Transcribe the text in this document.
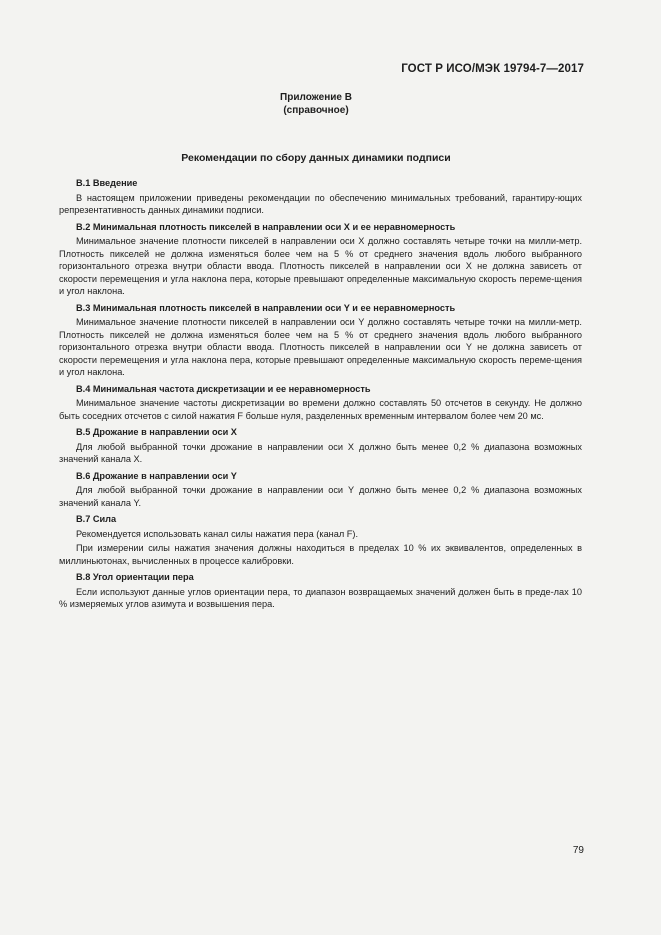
ГОСТ Р ИСО/МЭК 19794-7—2017
Приложение В
(справочное)
Рекомендации по сбору данных динамики подписи
В.1 Введение

В настоящем приложении приведены рекомендации по обеспечению минимальных требований, гарантиру-ющих репрезентативность данных динамики подписи.

В.2 Минимальная плотность пикселей в направлении оси X и ее неравномерность

Минимальное значение плотности пикселей в направлении оси X должно составлять четыре точки на милли-метр. Плотность пикселей не должна изменяться более чем на 5 % от среднего значения вдоль любого выбранного горизонтального отрезка внутри области ввода. Плотность пикселей в направлении оси X не должна зависеть от скорости перемещения и угла наклона пера, которые превышают определенные максимальную скорость переме-щения и угол наклона.

В.3 Минимальная плотность пикселей в направлении оси Y и ее неравномерность

Минимальное значение плотности пикселей в направлении оси Y должно составлять четыре точки на милли-метр. Плотность пикселей не должна изменяться более чем на 5 % от среднего значения вдоль любого выбранного горизонтального отрезка внутри области ввода. Плотность пикселей в направлении оси Y не должна зависеть от скорости перемещения и угла наклона пера, которые превышают определенные максимальную скорость переме-щения и угол наклона.

В.4 Минимальная частота дискретизации и ее неравномерность

Минимальное значение частоты дискретизации во времени должно составлять 50 отсчетов в секунду. Не должно быть соседних отсчетов с силой нажатия F больше нуля, разделенных временным интервалом более чем 20 мс.

В.5 Дрожание в направлении оси X

Для любой выбранной точки дрожание в направлении оси X должно быть менее 0,2 % диапазона возможных значений канала X.

В.6 Дрожание в направлении оси Y

Для любой выбранной точки дрожание в направлении оси Y должно быть менее 0,2 % диапазона возможных значений канала Y.

В.7 Сила

Рекомендуется использовать канал силы нажатия пера (канал F).

При измерении силы нажатия значения должны находиться в пределах 10 % их эквивалентов, определенных в миллиньютонах, вычисленных в процессе калибровки.

В.8 Угол ориентации пера

Если используют данные углов ориентации пера, то диапазон возвращаемых значений должен быть в преде-лах 10 % измеряемых углов азимута и возвышения пера.

79
